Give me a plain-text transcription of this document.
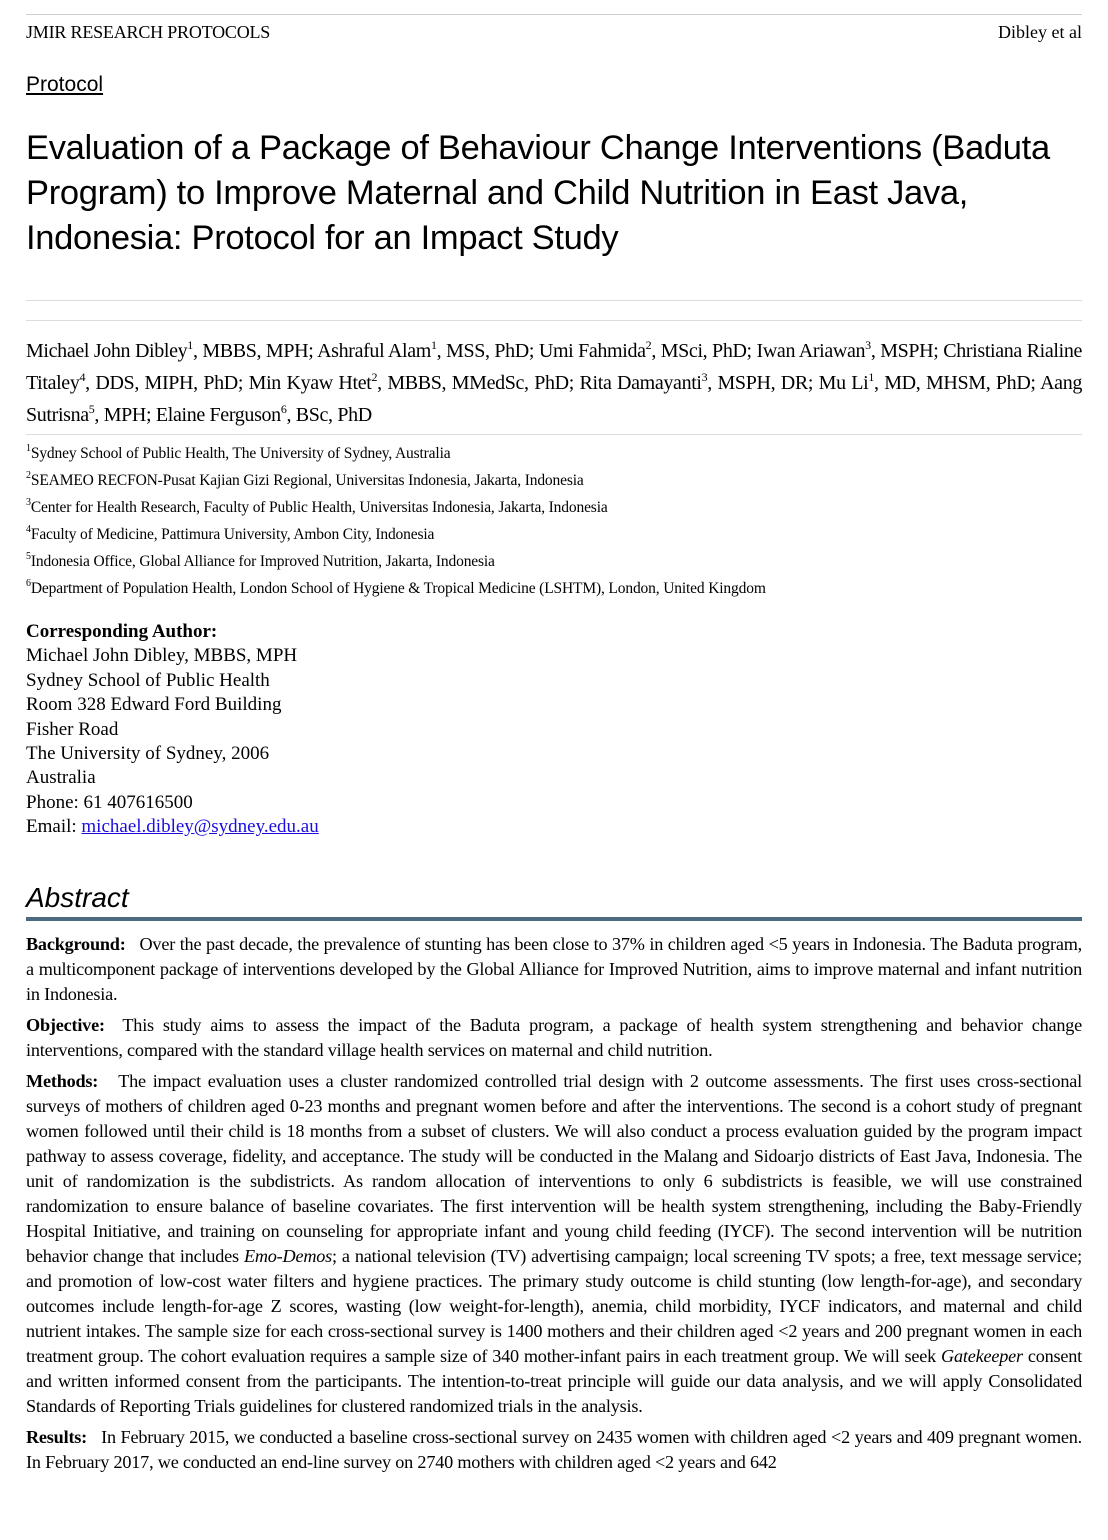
JMIR RESEARCH PROTOCOLS	Dibley et al
Protocol
Evaluation of a Package of Behaviour Change Interventions (Baduta Program) to Improve Maternal and Child Nutrition in East Java, Indonesia: Protocol for an Impact Study
Michael John Dibley$^1$, MBBS, MPH; Ashraful Alam$^1$, MSS, PhD; Umi Fahmida$^2$, MSci, PhD; Iwan Ariawan$^3$, MSPH; Christiana Rialine Titaley$^4$, DDS, MIPH, PhD; Min Kyaw Htet$^2$, MBBS, MMedSc, PhD; Rita Damayanti$^3$, MSPH, DR; Mu Li$^1$, MD, MHSM, PhD; Aang Sutrisna$^5$, MPH; Elaine Ferguson$^6$, BSc, PhD
$^1$Sydney School of Public Health, The University of Sydney, Australia
$^2$SEAMEO RECFON-Pusat Kajian Gizi Regional, Universitas Indonesia, Jakarta, Indonesia
$^3$Center for Health Research, Faculty of Public Health, Universitas Indonesia, Jakarta, Indonesia
$^4$Faculty of Medicine, Pattimura University, Ambon City, Indonesia
$^5$Indonesia Office, Global Alliance for Improved Nutrition, Jakarta, Indonesia
$^6$Department of Population Health, London School of Hygiene & Tropical Medicine (LSHTM), London, United Kingdom
Corresponding Author:
Michael John Dibley, MBBS, MPH
Sydney School of Public Health
Room 328 Edward Ford Building
Fisher Road
The University of Sydney, 2006
Australia
Phone: 61 407616500
Email: michael.dibley@sydney.edu.au
Abstract

Background: Over the past decade, the prevalence of stunting has been close to 37% in children aged <5 years in Indonesia. The Baduta program, a multicomponent package of interventions developed by the Global Alliance for Improved Nutrition, aims to improve maternal and infant nutrition in Indonesia.

Objective: This study aims to assess the impact of the Baduta program, a package of health system strengthening and behavior change interventions, compared with the standard village health services on maternal and child nutrition.

Methods: The impact evaluation uses a cluster randomized controlled trial design with 2 outcome assessments. The first uses cross-sectional surveys of mothers of children aged 0-23 months and pregnant women before and after the interventions. The second is a cohort study of pregnant women followed until their child is 18 months from a subset of clusters. We will also conduct a process evaluation guided by the program impact pathway to assess coverage, fidelity, and acceptance. The study will be conducted in the Malang and Sidoarjo districts of East Java, Indonesia. The unit of randomization is the subdistricts. As random allocation of interventions to only 6 subdistricts is feasible, we will use constrained randomization to ensure balance of baseline covariates. The first intervention will be health system strengthening, including the Baby-Friendly Hospital Initiative, and training on counseling for appropriate infant and young child feeding (IYCF). The second intervention will be nutrition behavior change that includes Emo-Demos; a national television (TV) advertising campaign; local screening TV spots; a free, text message service; and promotion of low-cost water filters and hygiene practices. The primary study outcome is child stunting (low length-for-age), and secondary outcomes include length-for-age Z scores, wasting (low weight-for-length), anemia, child morbidity, IYCF indicators, and maternal and child nutrient intakes. The sample size for each cross-sectional survey is 1400 mothers and their children aged <2 years and 200 pregnant women in each treatment group. The cohort evaluation requires a sample size of 340 mother-infant pairs in each treatment group. We will seek Gatekeeper consent and written informed consent from the participants. The intention-to-treat principle will guide our data analysis, and we will apply Consolidated Standards of Reporting Trials guidelines for clustered randomized trials in the analysis.

Results: In February 2015, we conducted a baseline cross-sectional survey on 2435 women with children aged <2 years and 409 pregnant women. In February 2017, we conducted an end-line survey on 2740 mothers with children aged <2 years and 642
